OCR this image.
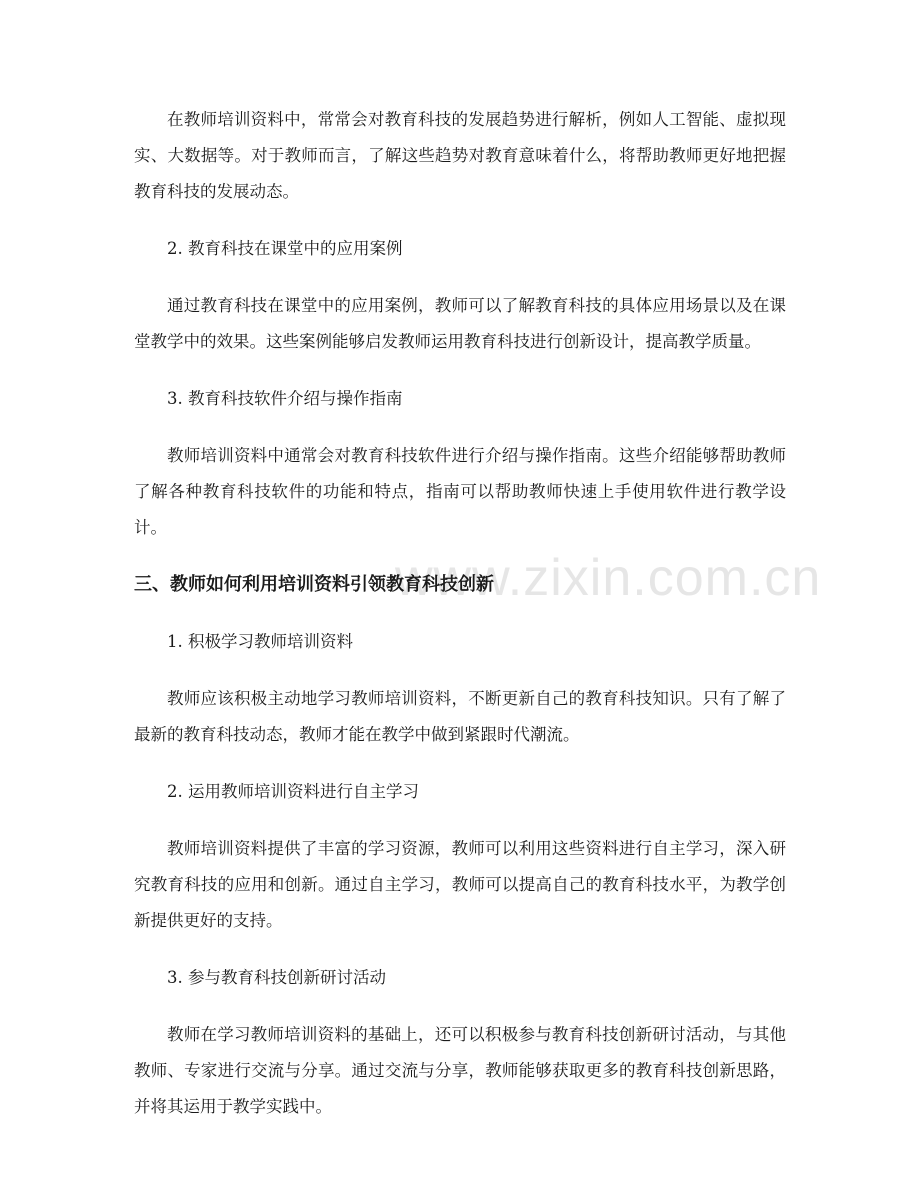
www.zixin.com.cn

在教师培训资料中，常常会对教育科技的发展趋势进行解析，例如人工智能、虚拟现实、大数据等。对于教师而言，了解这些趋势对教育意味着什么，将帮助教师更好地把握教育科技的发展动态。

2. 教育科技在课堂中的应用案例

通过教育科技在课堂中的应用案例，教师可以了解教育科技的具体应用场景以及在课堂教学中的效果。这些案例能够启发教师运用教育科技进行创新设计，提高教学质量。

3. 教育科技软件介绍与操作指南

教师培训资料中通常会对教育科技软件进行介绍与操作指南。这些介绍能够帮助教师了解各种教育科技软件的功能和特点，指南可以帮助教师快速上手使用软件进行教学设计。

三、教师如何利用培训资料引领教育科技创新

1. 积极学习教师培训资料

教师应该积极主动地学习教师培训资料，不断更新自己的教育科技知识。只有了解了最新的教育科技动态，教师才能在教学中做到紧跟时代潮流。

2. 运用教师培训资料进行自主学习

教师培训资料提供了丰富的学习资源，教师可以利用这些资料进行自主学习，深入研究教育科技的应用和创新。通过自主学习，教师可以提高自己的教育科技水平，为教学创新提供更好的支持。

3. 参与教育科技创新研讨活动

教师在学习教师培训资料的基础上，还可以积极参与教育科技创新研讨活动，与其他教师、专家进行交流与分享。通过交流与分享，教师能够获取更多的教育科技创新思路，并将其运用于教学实践中。
